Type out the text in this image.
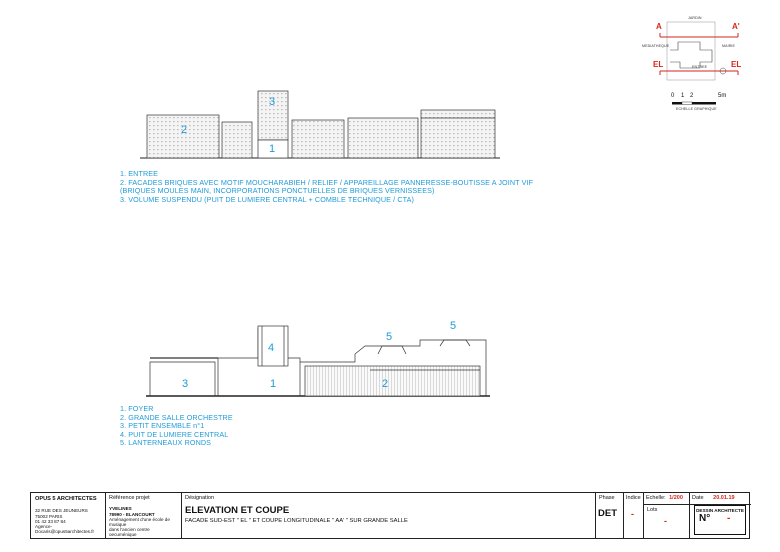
2
3
1
1. ENTREE
2. FACADES BRIQUES AVEC MOTIF MOUCHARABIEH / RELIEF / APPAREILLAGE PANNERESSE-BOUTISSE A JOINT VIF
(BRIQUES MOULES MAIN, INCORPORATIONS PONCTUELLES DE BRIQUES VERNISSEES)
3. VOLUME SUSPENDU (PUIT DE LUMIERE CENTRAL + COMBLE TECHNIQUE / CTA)
3	1
4
2
5
5
1. FOYER
2. GRANDE SALLE ORCHESTRE
3. PETIT ENSEMBLE n°1
4. PUIT DE LUMIERE CENTRAL
5. LANTERNEAUX RONDS
A	A'
EL	EL
JARDIN
MEDIATHEQUE	MAIRIE
ENTREE
0 1 2	5m
ECHELLE GRAPHIQUE
OPUS 5 ARCHITECTES
32 RUE DES JEUNEURS
75002 PARIS
01 42 33 87 84
Agence-Docaris@opus5architectes.fr
Référence projet
YVELINES
78990 - ELANCOURT
Aménagement d'une école de musique
dans l'ancien centre oecuménique
Désignation
ELEVATION ET COUPE
FACADE SUD-EST " EL " ET COUPE LONGITUDINALE " AA' " SUR GRANDE SALLE
Phase
DET
Indice
-
Echelle: 1/200
Lots
-
Date 20.01.19
DESSIN ARCHITECTE
N° -
